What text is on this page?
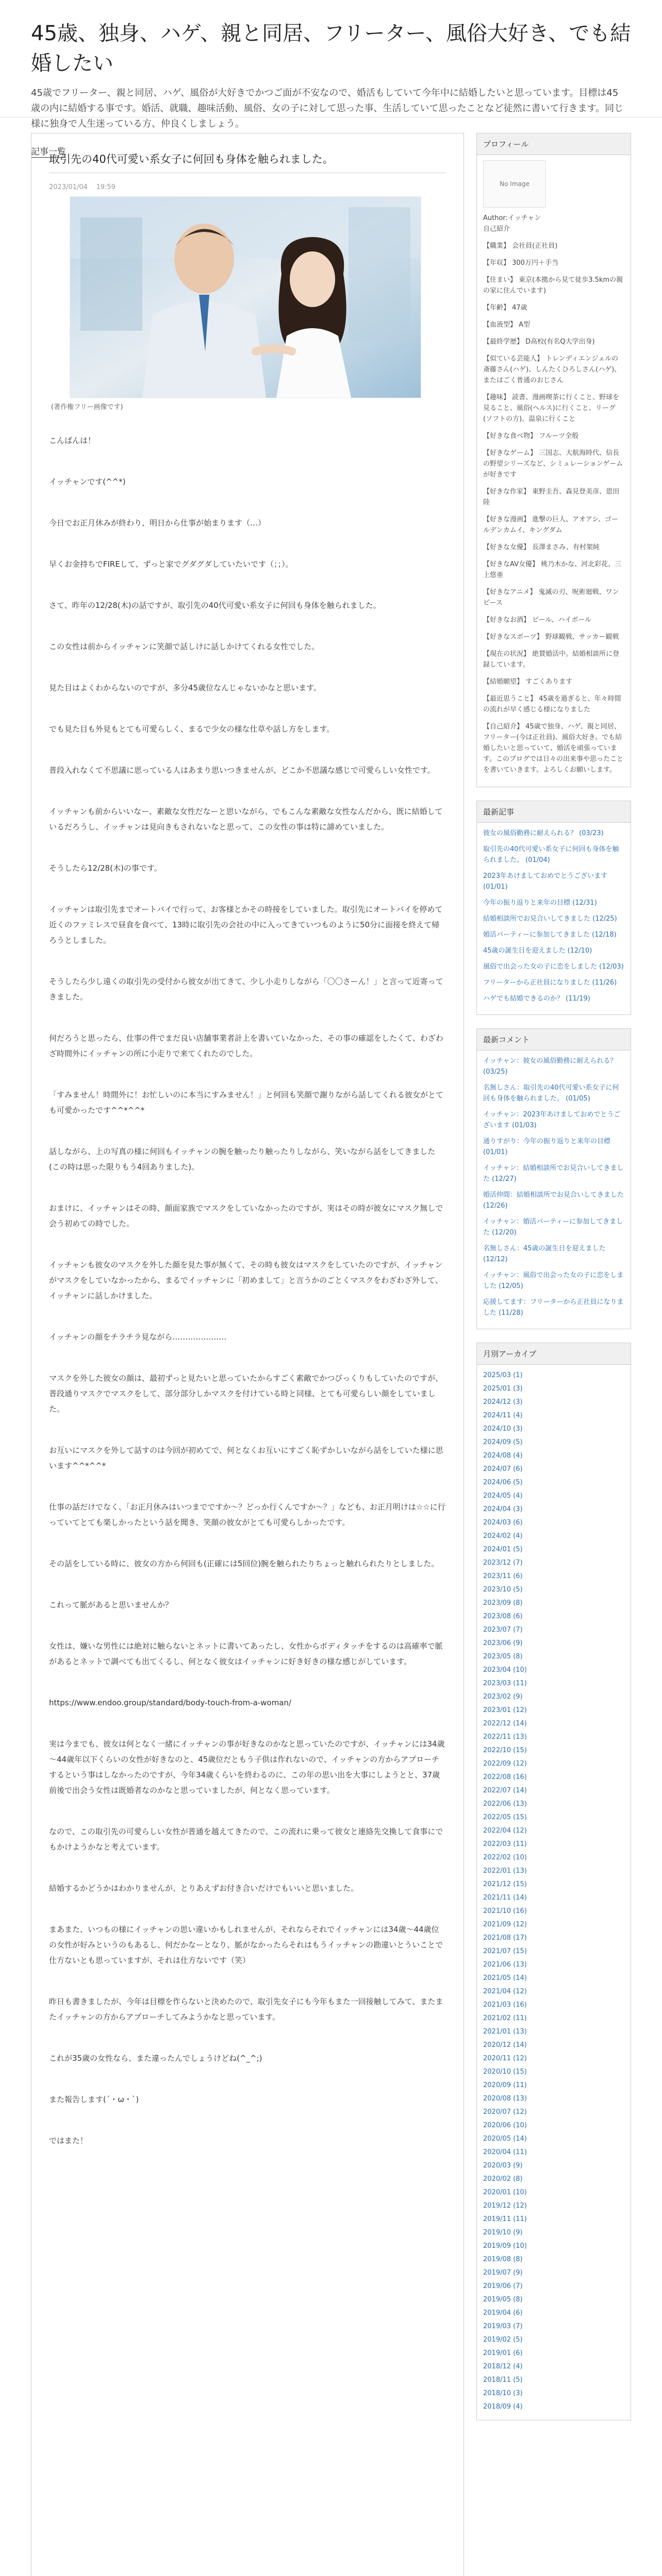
45歳、独身、ハゲ、親と同居、フリーター、風俗大好き、でも結婚したい
45歳でフリーター、親と同居、ハゲ、風俗が大好きでかつご面が不安なので、婚活もしていて今年中に結婚したいと思っています。目標は45歳の内に結婚する事です。婚活、就職、趣味活動、風俗、女の子に対して思った事、生活していて思ったことなど徒然に書いて行きます。同じ様に独身で人生迷っている方、仲良くしましょう。
記事一覧
取引先の40代可愛い系女子に何回も身体を触られました。
2023/01/04 19:59
(著作権フリー画像です)

こんばんは！

イッチャンです(^^*)

今日でお正月休みが終わり、明日から仕事が始まります（…）

早くお金持ちでFIREして、ずっと家でグダグダしていたいです（；；）。

さて、昨年の12/28(木)の話ですが、取引先の40代可愛い系女子に何回も身体を触られました。

この女性は前からイッチャンに笑顔で話しけに話しかけてくれる女性でした。

見た目はよくわからないのですが、多分45歳位なんじゃないかなと思います。

でも見た目も外見もとても可愛らしく、まるで少女の様な仕草や話し方をします。

普段入れなくて不思議に思っている人はあまり思いつきませんが、どこか不思議な感じで可愛らしい女性です。

イッチャンも前からいいなー、素敵な女性だなーと思いながら、でもこんな素敵な女性なんだから、既に結婚しているだろうし、イッチャンは見向きもされないなと思って、この女性の事は特に諦めていました。

そうしたら12/28(木)の事です。

イッチャンは取引先までオートバイで行って、お客様とかその時接をしていました。取引先にオートバイを停めて近くのファミレスで昼食を食べて、13時に取引先の会社の中に入ってきていつものように50分に面接を終えて帰ろうとしました。

そうしたら少し遠くの取引先の受付から彼女が出てきて、少し小走りしながら「〇〇さーん！」と言って近寄ってきました。

何だろうと思ったら、仕事の件でまだ良い店舗事業者計上を書いていなかった、その事の確認をしたくて、わざわざ時間外にイッチャンの所に小走りで来てくれたのでした。

「すみません！時間外に！お忙しいのに本当にすみません！」と何回も笑顔で謝りながら話してくれる彼女がとても可愛かったです^^*^^*

話しながら、上の写真の様に何回もイッチャンの腕を触ったり触ったりしながら、笑いながら話をしてきました(この時は思った限りもう4回ありました)。

おまけに、イッチャンはその時、顔面家族でマスクをしていなかったのですが、実はその時が彼女にマスク無しで会う初めての時でした。

イッチャンも彼女のマスクを外した顔を見た事が無くて、その時も彼女はマスクをしていたのですが、イッチャンがマスクをしていなかったから、まるでイッチャンに「初めまして」と言うかのごとくマスクをわざわざ外して、イッチャンに話しかけました。

イッチャンの顔をチラチラ見ながら…………………

マスクを外した彼女の顔は、最初ずっと見たいと思っていたからすごく素敵でかつびっくりもしていたのですが、普段通りマスクでマスクをして、部分部分しかマスクを付けている時と同様、とても可愛らしい顔をしていました。

お互いにマスクを外して話すのは今回が初めてで、何となくお互いにすごく恥ずかしいながら話をしていた様に思います^^*^^*

仕事の話だけでなく、「お正月休みはいつまでですか～？どっか行くんですか～？」なども、お正月明けは☆☆に行っていてとても楽しかったという話を聞き、笑顔の彼女がとても可愛らしかったです。

その話をしている時に、彼女の方から何回も(正確には5回位)腕を触られたりちょっと触れられたりとしました。

これって脈があると思いませんか？

女性は、嫌いな男性には絶対に触らないとネットに書いてあったし、女性からボディタッチをするのは高確率で脈があるとネットで調べても出てくるし、何となく彼女はイッチャンに好き好きの様な感じがしています。

https://www.endoo.group/standard/body-touch-from-a-woman/

実は今までも、彼女は何となく一緒にイッチャンの事が好きなのかなと思っていたのですが、イッチャンには34歳～44歳年以下くらいの女性が好きなのと、45歳位だともう子供は作れないので、イッチャンの方からアプローチするという事はしなかったのですが、今年34歳くらいを終わるのに、この年の思い出を大事にしようとと、37歳前後で出会う女性は既婚者なのかなと思っていましたが、何となく思っています。

なので、この取引先の可愛らしい女性が普通を越えてきたので、この流れに乗って彼女と連絡先交換して食事にでもかけようかなと考えています。

結婚するかどうかはわかりませんが、とりあえずお付き合いだけでもいいと思いました。

まあまた、いつもの様にイッチャンの思い違いかもしれませんが、それならそれでイッチャンには34歳～44歳位の女性が好みというのもあるし、何だかなーとなり、脈がなかったらそれはもうイッチャンの勘違いとういことで仕方ないとも思っていますが、それは仕方ないです（笑）

昨日も書きましたが、今年は目標を作らないと決めたので、取引先女子にも今年もまた一回接触してみて、またまたイッチャンの方からアプローチしてみようかなと思っています。

これが35歳の女性なら、また違ったんでしょうけどね(^_^;)

また報告します(´・ω・`)

ではまた！

プロフィール
No Image

Author:イッチャン
自己紹介

【職業】 会社員(正社員)

【年収】 300万円＋手当

【住まい】 東京(本拠から見て徒歩3.5kmの親の家に住んでいます)

【年齢】 47歳

【血液型】 A型

【最終学歴】 D高校(有名Q大学出身)

【似ている芸能人】 トレンディエンジェルの斎藤さん(ハゲ)、しんたくひろしさん(ハゲ)、またはごく普通のおじさん

【趣味】 読書、漫画喫茶に行くこと、野球を見ること、風俗(ヘルス)に行くこと、リーグ(ソフトの方)、温泉に行くこと

【好きな食べ物】 フルーツ全般

【好きなゲーム】 三国志、大航海時代、信長の野望シリーズなど、シミュレーションゲームが好きです

【好きな作家】 東野圭吾、森見登美彦、恩田陸

【好きな漫画】 進撃の巨人、アオアシ、ゴールデンカムイ、キングダム

【好きな女優】 長澤まさみ、有村架純

【好きなAV女優】 桃乃木かな、河北彩花、三上悠亜

【好きなアニメ】 鬼滅の刃、呪術廻戦、ワンピース

【好きなお酒】 ビール、ハイボール

【好きなスポーツ】 野球観戦、サッカー観戦

【現在の状況】 絶賛婚活中。結婚相談所に登録しています。

【結婚願望】 すごくあります

【最近思うこと】 45歳を過ぎると、年々時間の流れが早く感じる様になりました

【自己紹介】 45歳で独身、ハゲ、親と同居、フリーター(今は正社員)、風俗大好き。でも結婚したいと思っていて、婚活を頑張っています。このブログでは日々の出来事や思ったことを書いていきます。よろしくお願いします。

最新記事
彼女の風俗勤務に耐えられる？ (03/23)
取引先の40代可愛い系女子に何回も身体を触られました。 (01/04)
2023年あけましておめでとうございます (01/01)
今年の振り返りと来年の目標 (12/31)
結婚相談所でお見合いしてきました (12/25)
婚活パーティーに参加してきました (12/18)
45歳の誕生日を迎えました (12/10)
風俗で出会った女の子に恋をしました (12/03)
フリーターから正社員になりました (11/26)
ハゲでも結婚できるのか？ (11/19)
最新コメント
イッチャン：彼女の風俗勤務に耐えられる？ (03/25)
名無しさん：取引先の40代可愛い系女子に何回も身体を触られました。 (01/05)
イッチャン：2023年あけましておめでとうございます (01/03)
通りすがり：今年の振り返りと来年の目標 (01/01)
イッチャン：結婚相談所でお見合いしてきました (12/27)
婚活仲間：結婚相談所でお見合いしてきました (12/26)
イッチャン：婚活パーティーに参加してきました (12/20)
名無しさん：45歳の誕生日を迎えました (12/12)
イッチャン：風俗で出会った女の子に恋をしました (12/05)
応援してます：フリーターから正社員になりました (11/28)
月別アーカイブ
2025/03 (1)
2025/01 (3)
2024/12 (3)
2024/11 (4)
2024/10 (3)
2024/09 (5)
2024/08 (4)
2024/07 (6)
2024/06 (5)
2024/05 (4)
2024/04 (3)
2024/03 (6)
2024/02 (4)
2024/01 (5)
2023/12 (7)
2023/11 (6)
2023/10 (5)
2023/09 (8)
2023/08 (6)
2023/07 (7)
2023/06 (9)
2023/05 (8)
2023/04 (10)
2023/03 (11)
2023/02 (9)
2023/01 (12)
2022/12 (14)
2022/11 (13)
2022/10 (15)
2022/09 (12)
2022/08 (16)
2022/07 (14)
2022/06 (13)
2022/05 (15)
2022/04 (12)
2022/03 (11)
2022/02 (10)
2022/01 (13)
2021/12 (15)
2021/11 (14)
2021/10 (16)
2021/09 (12)
2021/08 (17)
2021/07 (15)
2021/06 (13)
2021/05 (14)
2021/04 (12)
2021/03 (16)
2021/02 (11)
2021/01 (13)
2020/12 (14)
2020/11 (12)
2020/10 (15)
2020/09 (11)
2020/08 (13)
2020/07 (12)
2020/06 (10)
2020/05 (14)
2020/04 (11)
2020/03 (9)
2020/02 (8)
2020/01 (10)
2019/12 (12)
2019/11 (11)
2019/10 (9)
2019/09 (10)
2019/08 (8)
2019/07 (9)
2019/06 (7)
2019/05 (8)
2019/04 (6)
2019/03 (7)
2019/02 (5)
2019/01 (6)
2018/12 (4)
2018/11 (5)
2018/10 (3)
2018/09 (4)
